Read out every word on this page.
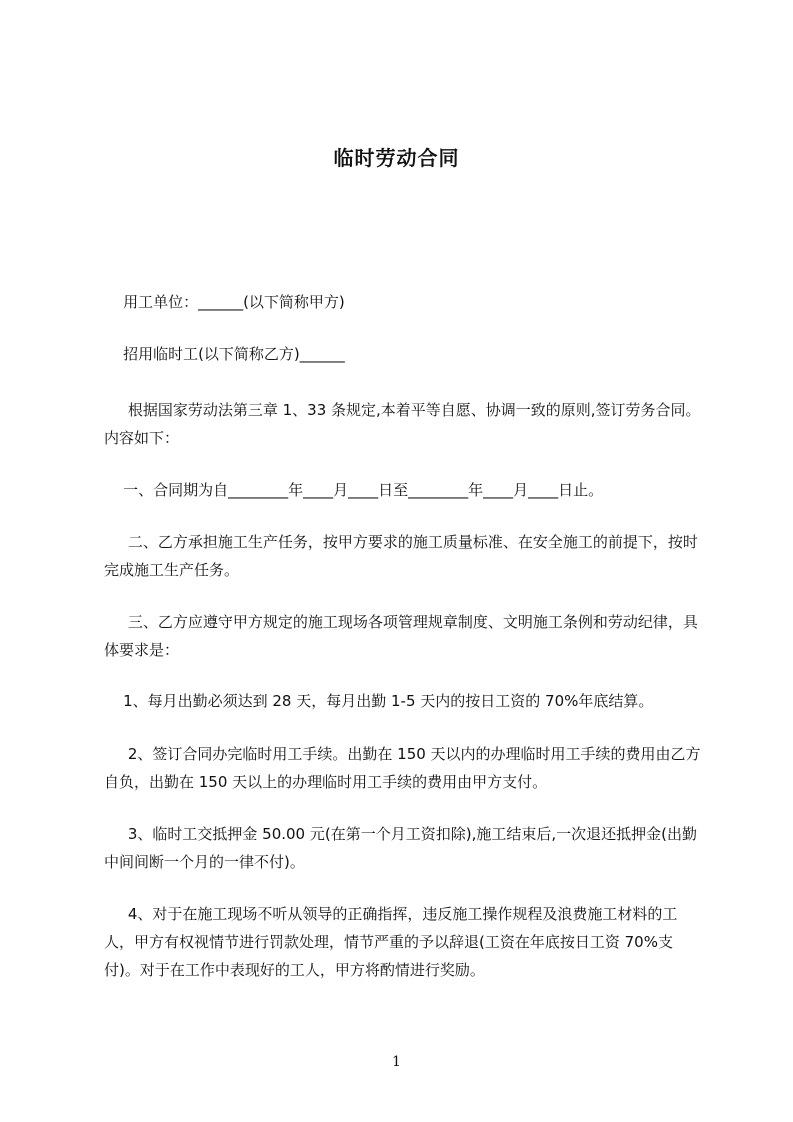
临时劳动合同
用工单位：______(以下简称甲方)
招用临时工(以下简称乙方)______
根据国家劳动法第三章 1、33 条规定,本着平等自愿、协调一致的原则,签订劳务合同。内容如下：
一、合同期为自________年____月____日至________年____月____日止。
二、乙方承担施工生产任务，按甲方要求的施工质量标准、在安全施工的前提下，按时完成施工生产任务。
三、乙方应遵守甲方规定的施工现场各项管理规章制度、文明施工条例和劳动纪律，具体要求是：
1、每月出勤必须达到 28 天，每月出勤 1-5 天内的按日工资的 70%年底结算。
2、签订合同办完临时用工手续。出勤在 150 天以内的办理临时用工手续的费用由乙方自负，出勤在 150 天以上的办理临时用工手续的费用由甲方支付。
3、临时工交抵押金 50.00 元(在第一个月工资扣除),施工结束后,一次退还抵押金(出勤中间间断一个月的一律不付)。
4、对于在施工现场不听从领导的正确指挥，违反施工操作规程及浪费施工材料的工人，甲方有权视情节进行罚款处理，情节严重的予以辞退(工资在年底按日工资 70%支付)。对于在工作中表现好的工人，甲方将酌情进行奖励。
1
